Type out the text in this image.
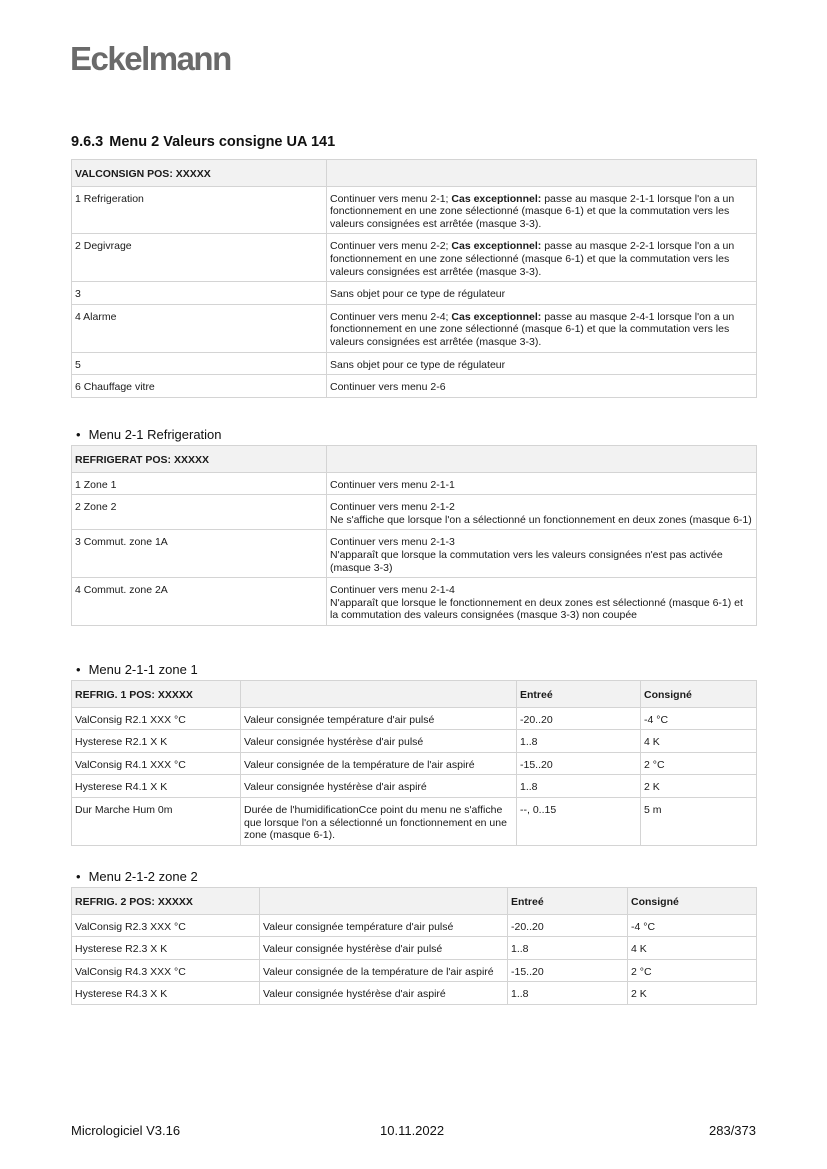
Eckelmann
9.6.3 Menu 2 Valeurs consigne UA 141
VALCONSIGN POS: XXXXX	
1 Refrigeration	Continuer vers menu 2-1; Cas exceptionnel: passe au masque 2-1-1 lorsque l'on a un fonctionnement en une zone sélectionné (masque 6-1) et que la commutation vers les valeurs consignées est arrêtée (masque 3-3).
2 Degivrage	Continuer vers menu 2-2; Cas exceptionnel: passe au masque 2-2-1 lorsque l'on a un fonctionnement en une zone sélectionné (masque 6-1) et que la commutation vers les valeurs consignées est arrêtée (masque 3-3).
3	Sans objet pour ce type de régulateur
4 Alarme	Continuer vers menu 2-4; Cas exceptionnel: passe au masque 2-4-1 lorsque l'on a un fonctionnement en une zone sélectionné (masque 6-1) et que la commutation vers les valeurs consignées est arrêtée (masque 3-3).
5	Sans objet pour ce type de régulateur
6 Chauffage vitre	Continuer vers menu 2-6
• Menu 2-1 Refrigeration
REFRIGERAT POS: XXXXX	
1 Zone 1	Continuer vers menu 2-1-1

2 Zone 2	Continuer vers menu 2-1-2
Ne s'affiche que lorsque l'on a sélectionné un fonctionnement en deux zones (masque 6-1)

3 Commut. zone 1A	Continuer vers menu 2-1-3
N'apparaît que lorsque la commutation vers les valeurs consignées n'est pas activée (masque 3-3)

4 Commut. zone 2A	Continuer vers menu 2-1-4
N'apparaît que lorsque le fonctionnement en deux zones est sélectionné (masque 6-1) et la commutation des valeurs consignées (masque 3-3) non coupée
• Menu 2-1-1 zone 1
REFRIG. 1 POS: XXXXX		Entreé	Consigné
ValConsig R2.1 XXX °C	Valeur consignée température d'air pulsé	-20..20	-4 °C
Hysterese R2.1 X K	Valeur consignée hystérèse d'air pulsé	1..8	4 K
ValConsig R4.1 XXX °C	Valeur consignée de la température de l'air aspiré	-15..20	2 °C
Hysterese R4.1 X K	Valeur consignée hystérèse d'air aspiré	1..8	2 K
Dur Marche Hum 0m	Durée de l'humidificationCce point du menu ne s'affiche que lorsque l'on a sélectionné un fonctionnement en une zone (masque 6-1).	--, 0..15	5 m
• Menu 2-1-2 zone 2
REFRIG. 2 POS: XXXXX		Entreé	Consigné
ValConsig R2.3 XXX °C	Valeur consignée température d'air pulsé	-20..20	-4 °C
Hysterese R2.3 X K	Valeur consignée hystérèse d'air pulsé	1..8	4 K
ValConsig R4.3 XXX °C	Valeur consignée de la température de l'air aspiré	-15..20	2 °C
Hysterese R4.3 X K	Valeur consignée hystérèse d'air aspiré	1..8	2 K
Micrologiciel V3.16	10.11.2022	283/373
